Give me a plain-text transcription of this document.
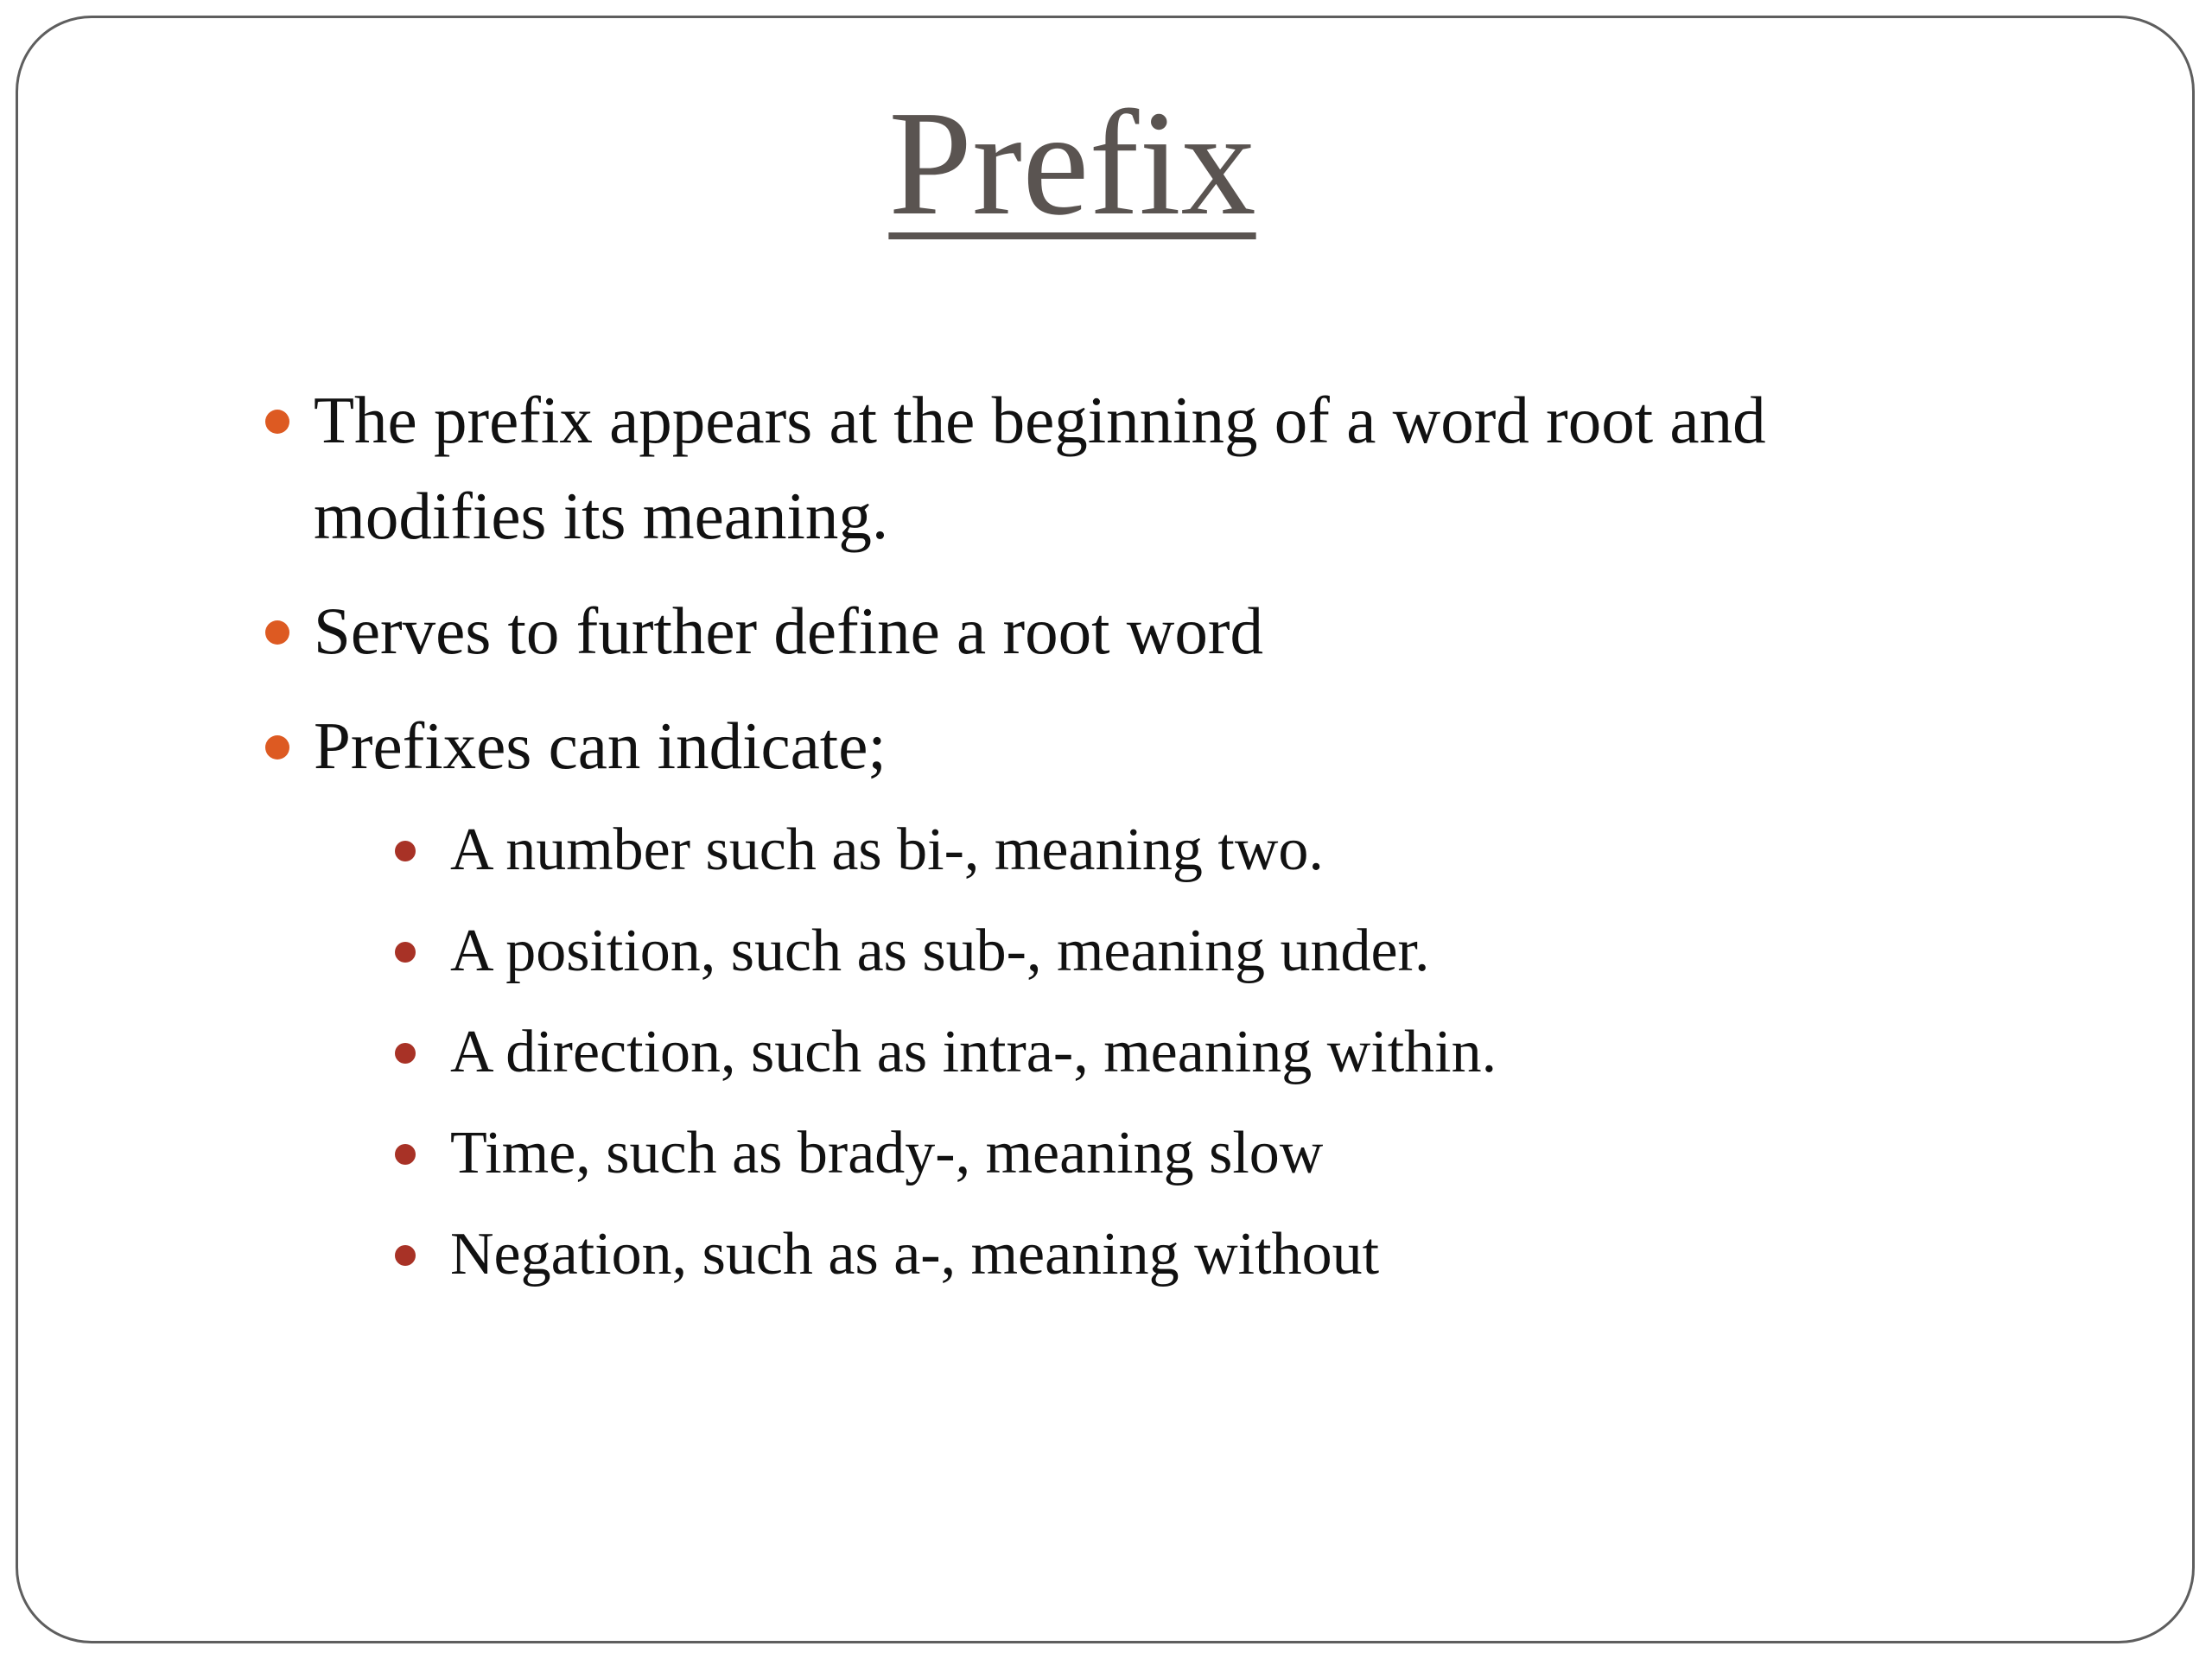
Prefix
The prefix appears at the beginning of a word root and modifies its meaning.
Serves to further define a root word
Prefixes can indicate;
A number such as bi-, meaning two.
A position, such as sub-, meaning under.
A direction, such as intra-, meaning within.
Time, such as brady-, meaning slow
Negation, such as a-, meaning without
